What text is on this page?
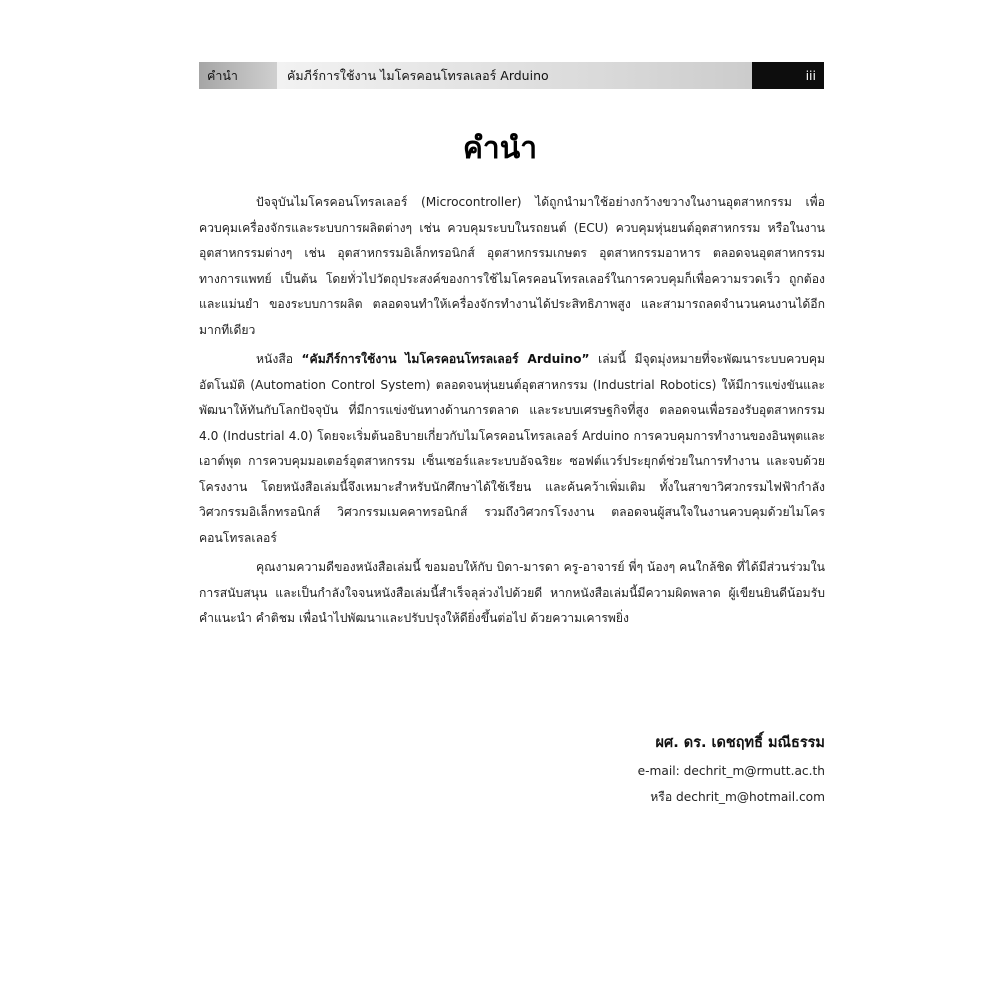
คำนำ	คัมภีร์การใช้งาน ไมโครคอนโทรลเลอร์ Arduino	iii
คำนำ

ปัจจุบันไมโครคอนโทรลเลอร์ (Microcontroller) ได้ถูกนำมาใช้อย่างกว้างขวางในงานอุตสาหกรรม เพื่อควบคุมเครื่องจักรและระบบการผลิตต่างๆ เช่น ควบคุมระบบในรถยนต์ (ECU) ควบคุมหุ่นยนต์อุตสาหกรรม หรือในงานอุตสาหกรรมต่างๆ เช่น อุตสาหกรรมอิเล็กทรอนิกส์ อุตสาหกรรมเกษตร อุตสาหกรรมอาหาร ตลอดจนอุตสาหกรรมทางการแพทย์ เป็นต้น โดยทั่วไปวัตถุประสงค์ของการใช้ไมโครคอนโทรลเลอร์ในการควบคุมก็เพื่อความรวดเร็ว ถูกต้อง และแม่นยำ ของระบบการผลิต ตลอดจนทำให้เครื่องจักรทำงานได้ประสิทธิภาพสูง และสามารถลดจำนวนคนงานได้อีกมากทีเดียว

หนังสือ “คัมภีร์การใช้งาน ไมโครคอนโทรลเลอร์ Arduino” เล่มนี้ มีจุดมุ่งหมายที่จะพัฒนาระบบควบคุมอัตโนมัติ (Automation Control System) ตลอดจนหุ่นยนต์อุตสาหกรรม (Industrial Robotics) ให้มีการแข่งขันและพัฒนาให้ทันกับโลกปัจจุบัน ที่มีการแข่งขันทางด้านการตลาด และระบบเศรษฐกิจที่สูง ตลอดจนเพื่อรองรับอุตสาหกรรม 4.0 (Industrial 4.0) โดยจะเริ่มต้นอธิบายเกี่ยวกับไมโครคอนโทรลเลอร์ Arduino การควบคุมการทำงานของอินพุตและเอาต์พุต การควบคุมมอเตอร์อุตสาหกรรม เซ็นเซอร์และระบบอัจฉริยะ ซอฟต์แวร์ประยุกต์ช่วยในการทำงาน และจบด้วยโครงงาน โดยหนังสือเล่มนี้จึงเหมาะสำหรับนักศึกษาได้ใช้เรียน และค้นคว้าเพิ่มเติม ทั้งในสาขาวิศวกรรมไฟฟ้ากำลัง วิศวกรรมอิเล็กทรอนิกส์ วิศวกรรมเมคคาทรอนิกส์ รวมถึงวิศวกรโรงงาน ตลอดจนผู้สนใจในงานควบคุมด้วยไมโครคอนโทรลเลอร์

คุณงามความดีของหนังสือเล่มนี้ ขอมอบให้กับ บิดา-มารดา ครู-อาจารย์ พี่ๆ น้องๆ คนใกล้ชิด ที่ได้มีส่วนร่วมในการสนับสนุน และเป็นกำลังใจจนหนังสือเล่มนี้สำเร็จลุล่วงไปด้วยดี หากหนังสือเล่มนี้มีความผิดพลาด ผู้เขียนยินดีน้อมรับ คำแนะนำ คำติชม เพื่อนำไปพัฒนาและปรับปรุงให้ดียิ่งขึ้นต่อไป ด้วยความเคารพยิ่ง

ผศ. ดร. เดชฤทธิ์ มณีธรรม

e-mail: dechrit_m@rmutt.ac.th

หรือ dechrit_m@hotmail.com
